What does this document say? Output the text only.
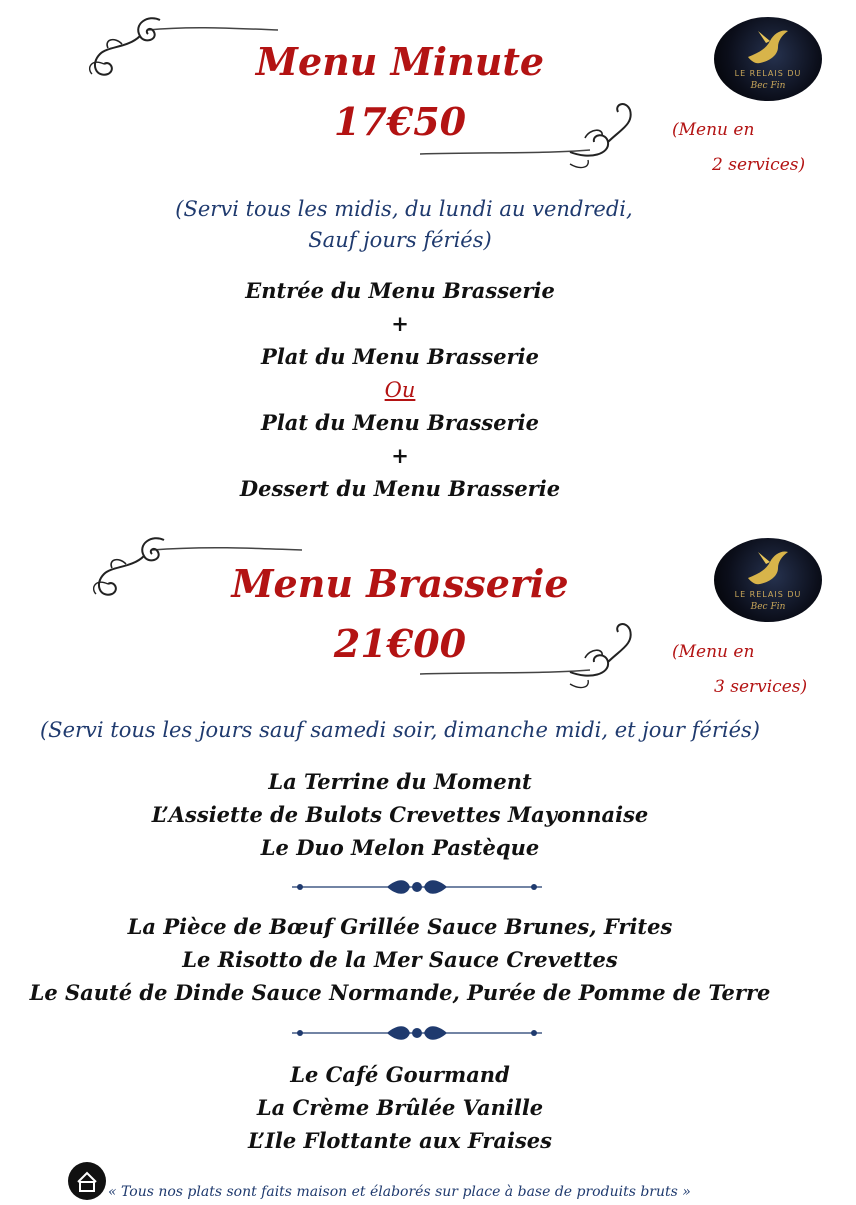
Menu Minute
17€50
LE RELAIS DU
Bec Fin
(Menu en
2 services)
(Servi tous les midis, du lundi au vendredi,
Sauf jours fériés)
Entrée du Menu Brasserie
+
Plat du Menu Brasserie
Ou
Plat du Menu Brasserie
+
Dessert du Menu Brasserie
Menu Brasserie
21€00
LE RELAIS DU
Bec Fin
(Menu en
3 services)
(Servi tous les jours sauf samedi soir, dimanche midi, et jour fériés)
La Terrine du Moment
L’Assiette de Bulots Crevettes Mayonnaise
Le Duo Melon Pastèque
La Pièce de Bœuf Grillée Sauce Brunes, Frites
Le Risotto de la Mer Sauce Crevettes
Le Sauté de Dinde Sauce Normande, Purée de Pomme de Terre
Le Café Gourmand
La Crème Brûlée Vanille
L’Ile Flottante aux Fraises
« Tous nos plats sont faits maison et élaborés sur place à base de produits bruts »
